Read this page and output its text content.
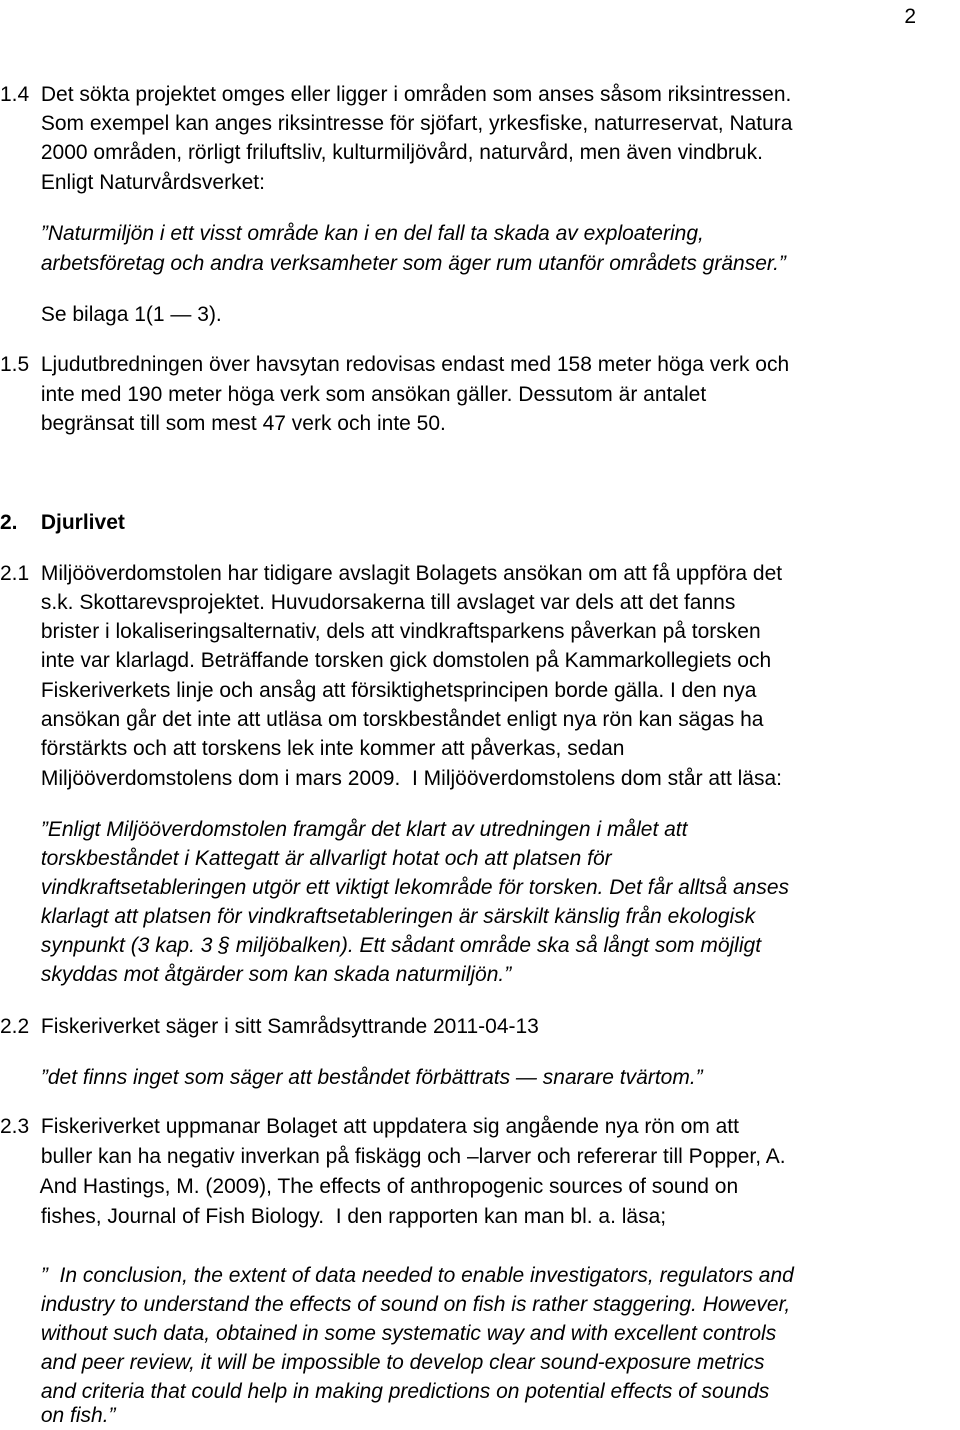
2
1.4  Det sökta projektet omges eller ligger i områden som anses såsom riksintressen.
Som exempel kan anges riksintresse för sjöfart, yrkesfiske, naturreservat, Natura
2000 områden, rörligt friluftsliv, kulturmiljövård, naturvård, men även vindbruk.
Enligt Naturvårdsverket:
”Naturmiljön i ett visst område kan i en del fall ta skada av exploatering,
arbetsföretag och andra verksamheter som äger rum utanför områdets gränser.”
Se bilaga 1(1 — 3).
1.5  Ljudutbredningen över havsytan redovisas endast med 158 meter höga verk och
inte med 190 meter höga verk som ansökan gäller. Dessutom är antalet
begränsat till som mest 47 verk och inte 50.
2.    Djurlivet
2.1  Miljööverdomstolen har tidigare avslagit Bolagets ansökan om att få uppföra det
s.k. Skottarevsprojektet. Huvudorsakerna till avslaget var dels att det fanns
brister i lokaliseringsalternativ, dels att vindkraftsparkens påverkan på torsken
inte var klarlagd. Beträffande torsken gick domstolen på Kammarkollegiets och
Fiskeriverkets linje och ansåg att försiktighetsprincipen borde gälla. I den nya
ansökan går det inte att utläsa om torskbeståndet enligt nya rön kan sägas ha
förstärkts och att torskens lek inte kommer att påverkas, sedan
Miljööverdomstolens dom i mars 2009.  I Miljööverdomstolens dom står att läsa:
”Enligt Miljööverdomstolen framgår det klart av utredningen i målet att
torskbeståndet i Kattegatt är allvarligt hotat och att platsen för
vindkraftsetableringen utgör ett viktigt lekområde för torsken. Det får alltså anses
klarlagt att platsen för vindkraftsetableringen är särskilt känslig från ekologisk
synpunkt (3 kap. 3 § miljöbalken). Ett sådant område ska så långt som möjligt
skyddas mot åtgärder som kan skada naturmiljön.”
2.2  Fiskeriverket säger i sitt Samrådsyttrande 2011-04-13
”det finns inget som säger att beståndet förbättrats — snarare tvärtom.”
2.3  Fiskeriverket uppmanar Bolaget att uppdatera sig angående nya rön om att
buller kan ha negativ inverkan på fiskägg och –larver och refererar till Popper, A.
And Hastings, M. (2009), The effects of anthropogenic sources of sound on
fishes, Journal of Fish Biology.  I den rapporten kan man bl. a. läsa;
”  In conclusion, the extent of data needed to enable investigators, regulators and
industry to understand the effects of sound on fish is rather staggering. However,
without such data, obtained in some systematic way and with excellent controls
and peer review, it will be impossible to develop clear sound-exposure metrics
and criteria that could help in making predictions on potential effects of sounds
on fish.”
